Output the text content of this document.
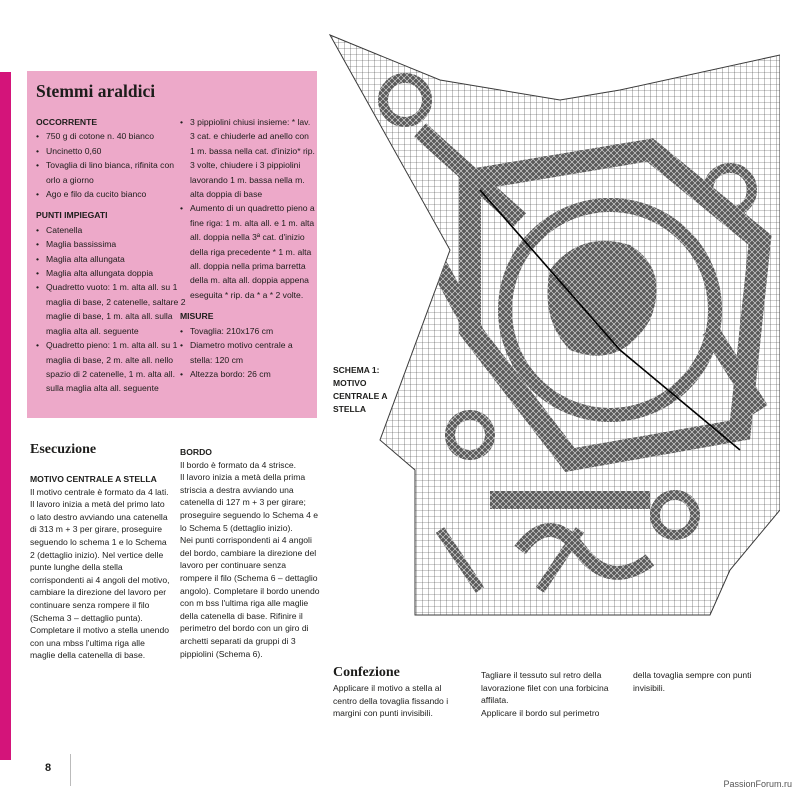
Stemmi araldici

OCCORRENTE

• 750 g di cotone n. 40 bianco
• Uncinetto 0,60
• Tovaglia di lino bianca, rifinita con orlo a giorno
• Ago e filo da cucito bianco

PUNTI IMPIEGATI

• Catenella
• Maglia bassissima
• Maglia alta allungata
• Maglia alta allungata doppia
• Quadretto vuoto: 1 m. alta all. su 1 maglia di base, 2 catenelle, saltare 2 maglie di base, 1 m. alta all. sulla maglia alta all. seguente
• Quadretto pieno: 1 m. alta all. su 1 maglia di base, 2 m. alte all. nello spazio di 2 catenelle, 1 m. alta all. sulla maglia alta all. seguente
• 3 pippiolini chiusi insieme: * lav. 3 cat. e chiuderle ad anello con 1 m. bassa nella cat. d'inizio* rip. 3 volte, chiudere i 3 pippiolini lavorando 1 m. bassa nella m. alta doppia di base
• Aumento di un quadretto pieno a fine riga: 1 m. alta all. e 1 m. alta all. doppia nella 3ª cat. d'inizio della riga precedente * 1 m. alta all. doppia nella prima barretta della m. alta all. doppia appena eseguita * rip. da * a * 2 volte.

MISURE

• Tovaglia: 210x176 cm
• Diametro motivo centrale a stella: 120 cm
• Altezza bordo: 26 cm
Esecuzione
MOTIVO CENTRALE A STELLA
Il motivo centrale è formato da 4 lati.
Il lavoro inizia a metà del primo lato o lato destro avviando una catenella di 313 m + 3 per girare, proseguire seguendo lo schema 1 e lo Schema 2 (dettaglio inizio). Nel vertice delle punte lunghe della stella corrispondenti ai 4 angoli del motivo, cambiare la direzione del lavoro per continuare senza rompere il filo (Schema 3 – dettaglio punta).
Completare il motivo a stella unendo con una mbss l'ultima riga alle maglie della catenella di base.
BORDO
Il bordo è formato da 4 strisce.
Il lavoro inizia a metà della prima striscia a destra avviando una catenella di 127 m + 3 per girare; proseguire seguendo lo Schema 4 e lo Schema 5 (dettaglio inizio).
Nei punti corrispondenti ai 4 angoli del bordo, cambiare la direzione del lavoro per continuare senza rompere il filo (Schema 6 – dettaglio angolo). Completare il bordo unendo con m bss l'ultima riga alle maglie della catenella di base. Rifinire il perimetro del bordo con un giro di archetti separati da gruppi di 3 pippiolini (Schema 6).
Confezione
Applicare il motivo a stella al centro della tovaglia fissando i margini con punti invisibili.
Tagliare il tessuto sul retro della lavorazione filet con una forbicina affilata.
Applicare il bordo sul perimetro
della tovaglia sempre con punti invisibili.
SCHEMA 1: MOTIVO CENTRALE A STELLA
8
PassionForum.ru
